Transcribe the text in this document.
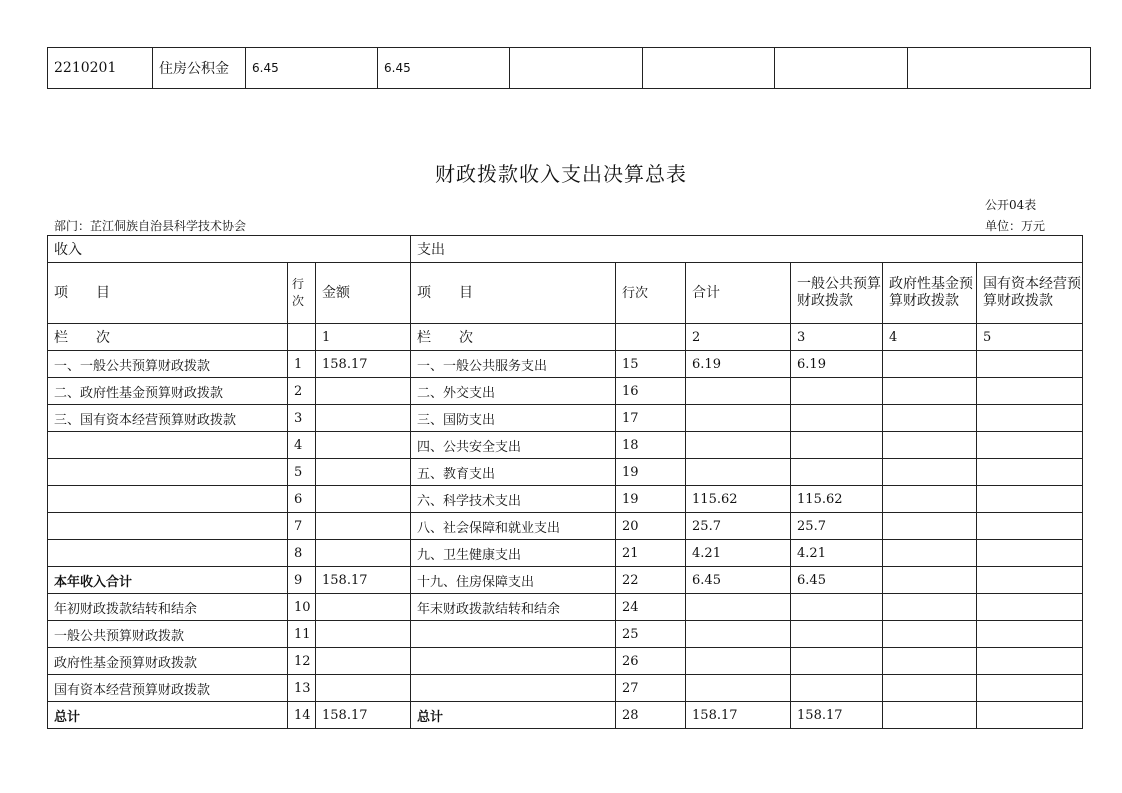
2210201	住房公积金	6.45	6.45				
财政拨款收入支出决算总表
公开04表
部门：芷江侗族自治县科学技术协会	单位：万元
收入			支出					
项　　目	行次	金额	项　　目	行次	合计	一般公共预算财政拨款	政府性基金预算财政拨款	国有资本经营预算财政拨款
栏　　次		1	栏　　次		2	3	4	5
一、一般公共预算财政拨款	1	158.17	一、一般公共服务支出	15	6.19	6.19		
二、政府性基金预算财政拨款	2		二、外交支出	16				
三、国有资本经营预算财政拨款	3		三、国防支出	17				
	4		四、公共安全支出	18				
	5		五、教育支出	19				
	6		六、科学技术支出	19	115.62	115.62		
	7		八、社会保障和就业支出	20	25.7	25.7		
	8		九、卫生健康支出	21	4.21	4.21		
本年收入合计	9	158.17	十九、住房保障支出	22	6.45	6.45		
年初财政拨款结转和结余	10		年末财政拨款结转和结余	24				
一般公共预算财政拨款	11			25				
政府性基金预算财政拨款	12			26				
国有资本经营预算财政拨款	13			27				
总计	14	158.17	总计	28	158.17	158.17		
